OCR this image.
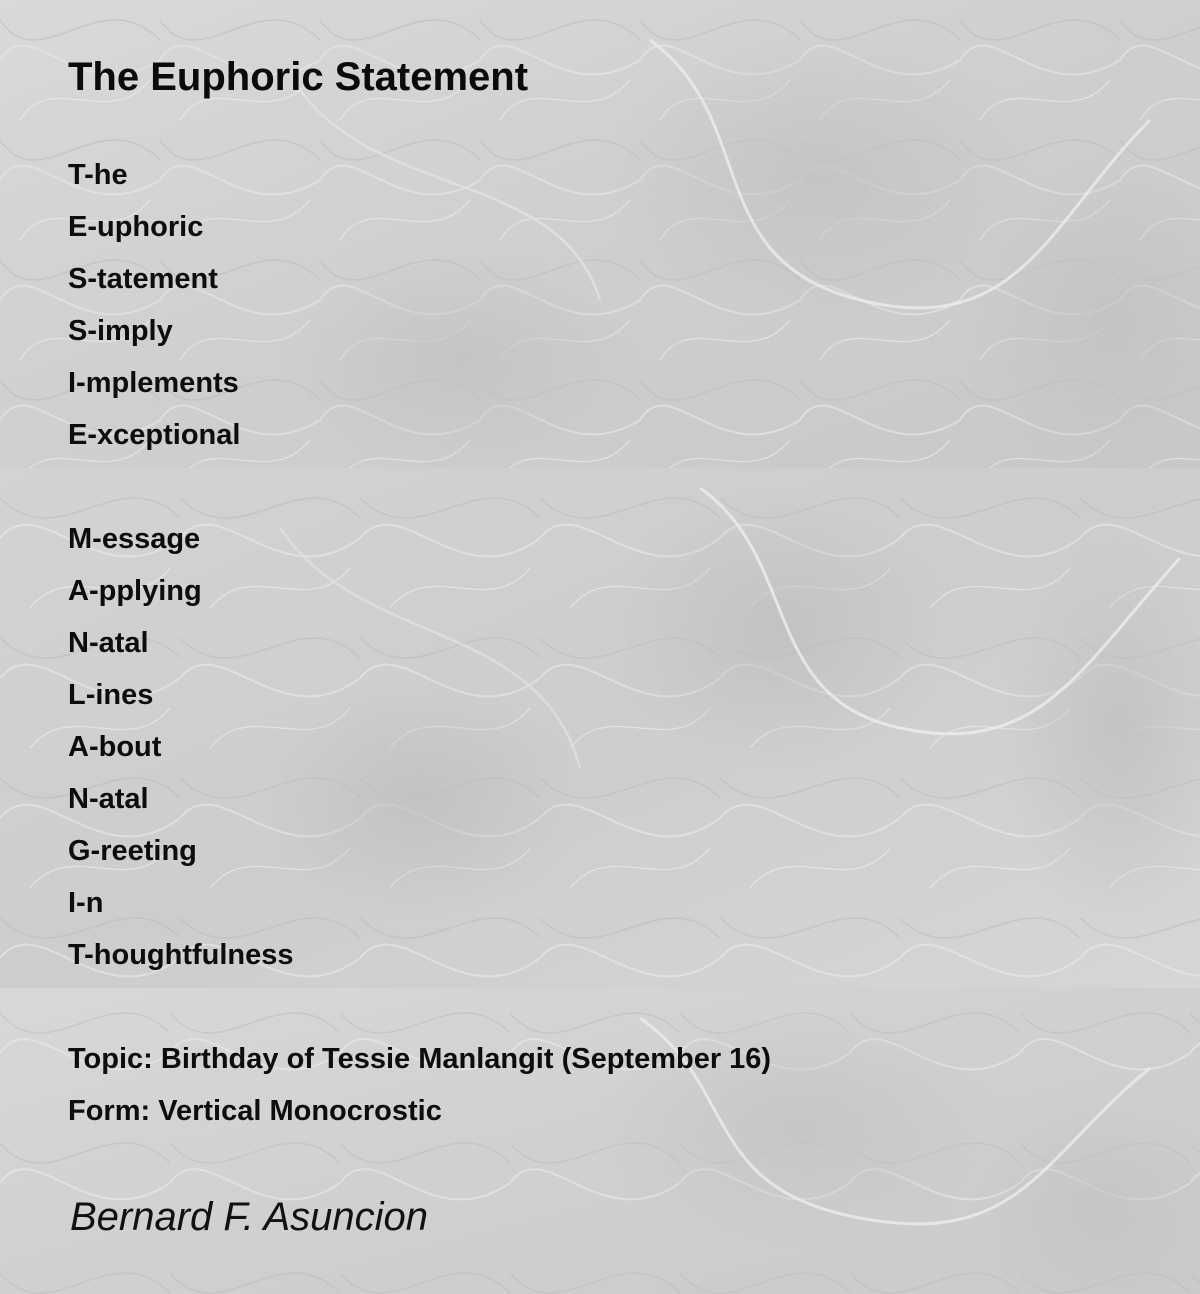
The Euphoric Statement
T-he
E-uphoric
S-tatement
S-imply
I-mplements
E-xceptional
M-essage
A-pplying
N-atal
L-ines
A-bout
N-atal
G-reeting
I-n
T-houghtfulness
Topic: Birthday of Tessie Manlangit (September 16)
Form: Vertical Monocrostic
Bernard F. Asuncion
